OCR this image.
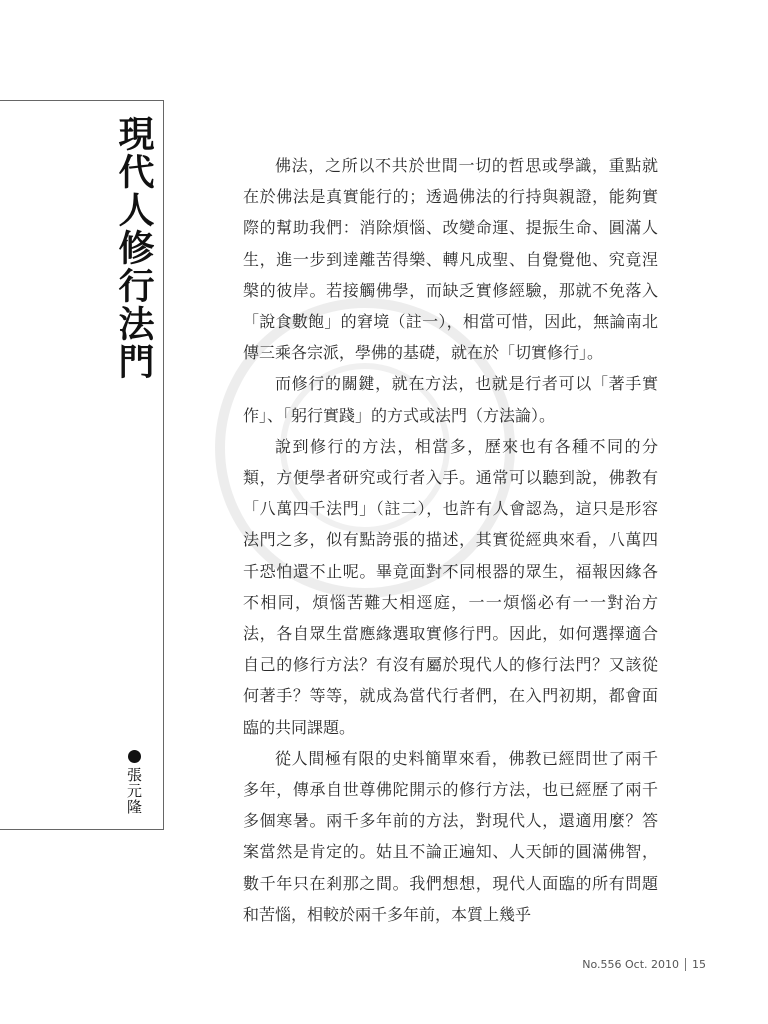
現代人修行法門
張元隆

佛法，之所以不共於世間一切的哲思或學識，重點就在於佛法是真實能行的；透過佛法的行持與親證，能夠實際的幫助我們：消除煩惱、改變命運、提振生命、圓滿人生，進一步到達離苦得樂、轉凡成聖、自覺覺他、究竟涅槃的彼岸。若接觸佛學，而缺乏實修經驗，那就不免落入「說食數飽」的窘境（註一），相當可惜，因此，無論南北傳三乘各宗派，學佛的基礎，就在於「切實修行」。

而修行的關鍵，就在方法，也就是行者可以「著手實作」、「躬行實踐」的方式或法門（方法論）。

說到修行的方法，相當多，歷來也有各種不同的分類，方便學者研究或行者入手。通常可以聽到說，佛教有「八萬四千法門」（註二），也許有人會認為，這只是形容法門之多，似有點誇張的描述，其實從經典來看，八萬四千恐怕還不止呢。畢竟面對不同根器的眾生，福報因緣各不相同，煩惱苦難大相逕庭，一一煩惱必有一一對治方法，各自眾生當應緣選取實修行門。因此，如何選擇適合自己的修行方法？有沒有屬於現代人的修行法門？又該從何著手？等等，就成為當代行者們，在入門初期，都會面臨的共同課題。

從人間極有限的史料簡單來看，佛教已經問世了兩千多年，傳承自世尊佛陀開示的修行方法，也已經歷了兩千多個寒暑。兩千多年前的方法，對現代人，還適用麼？答案當然是肯定的。姑且不論正遍知、人天師的圓滿佛智，數千年只在剎那之間。我們想想，現代人面臨的所有問題和苦惱，相較於兩千多年前，本質上幾乎

No.556 Oct. 2010 15
